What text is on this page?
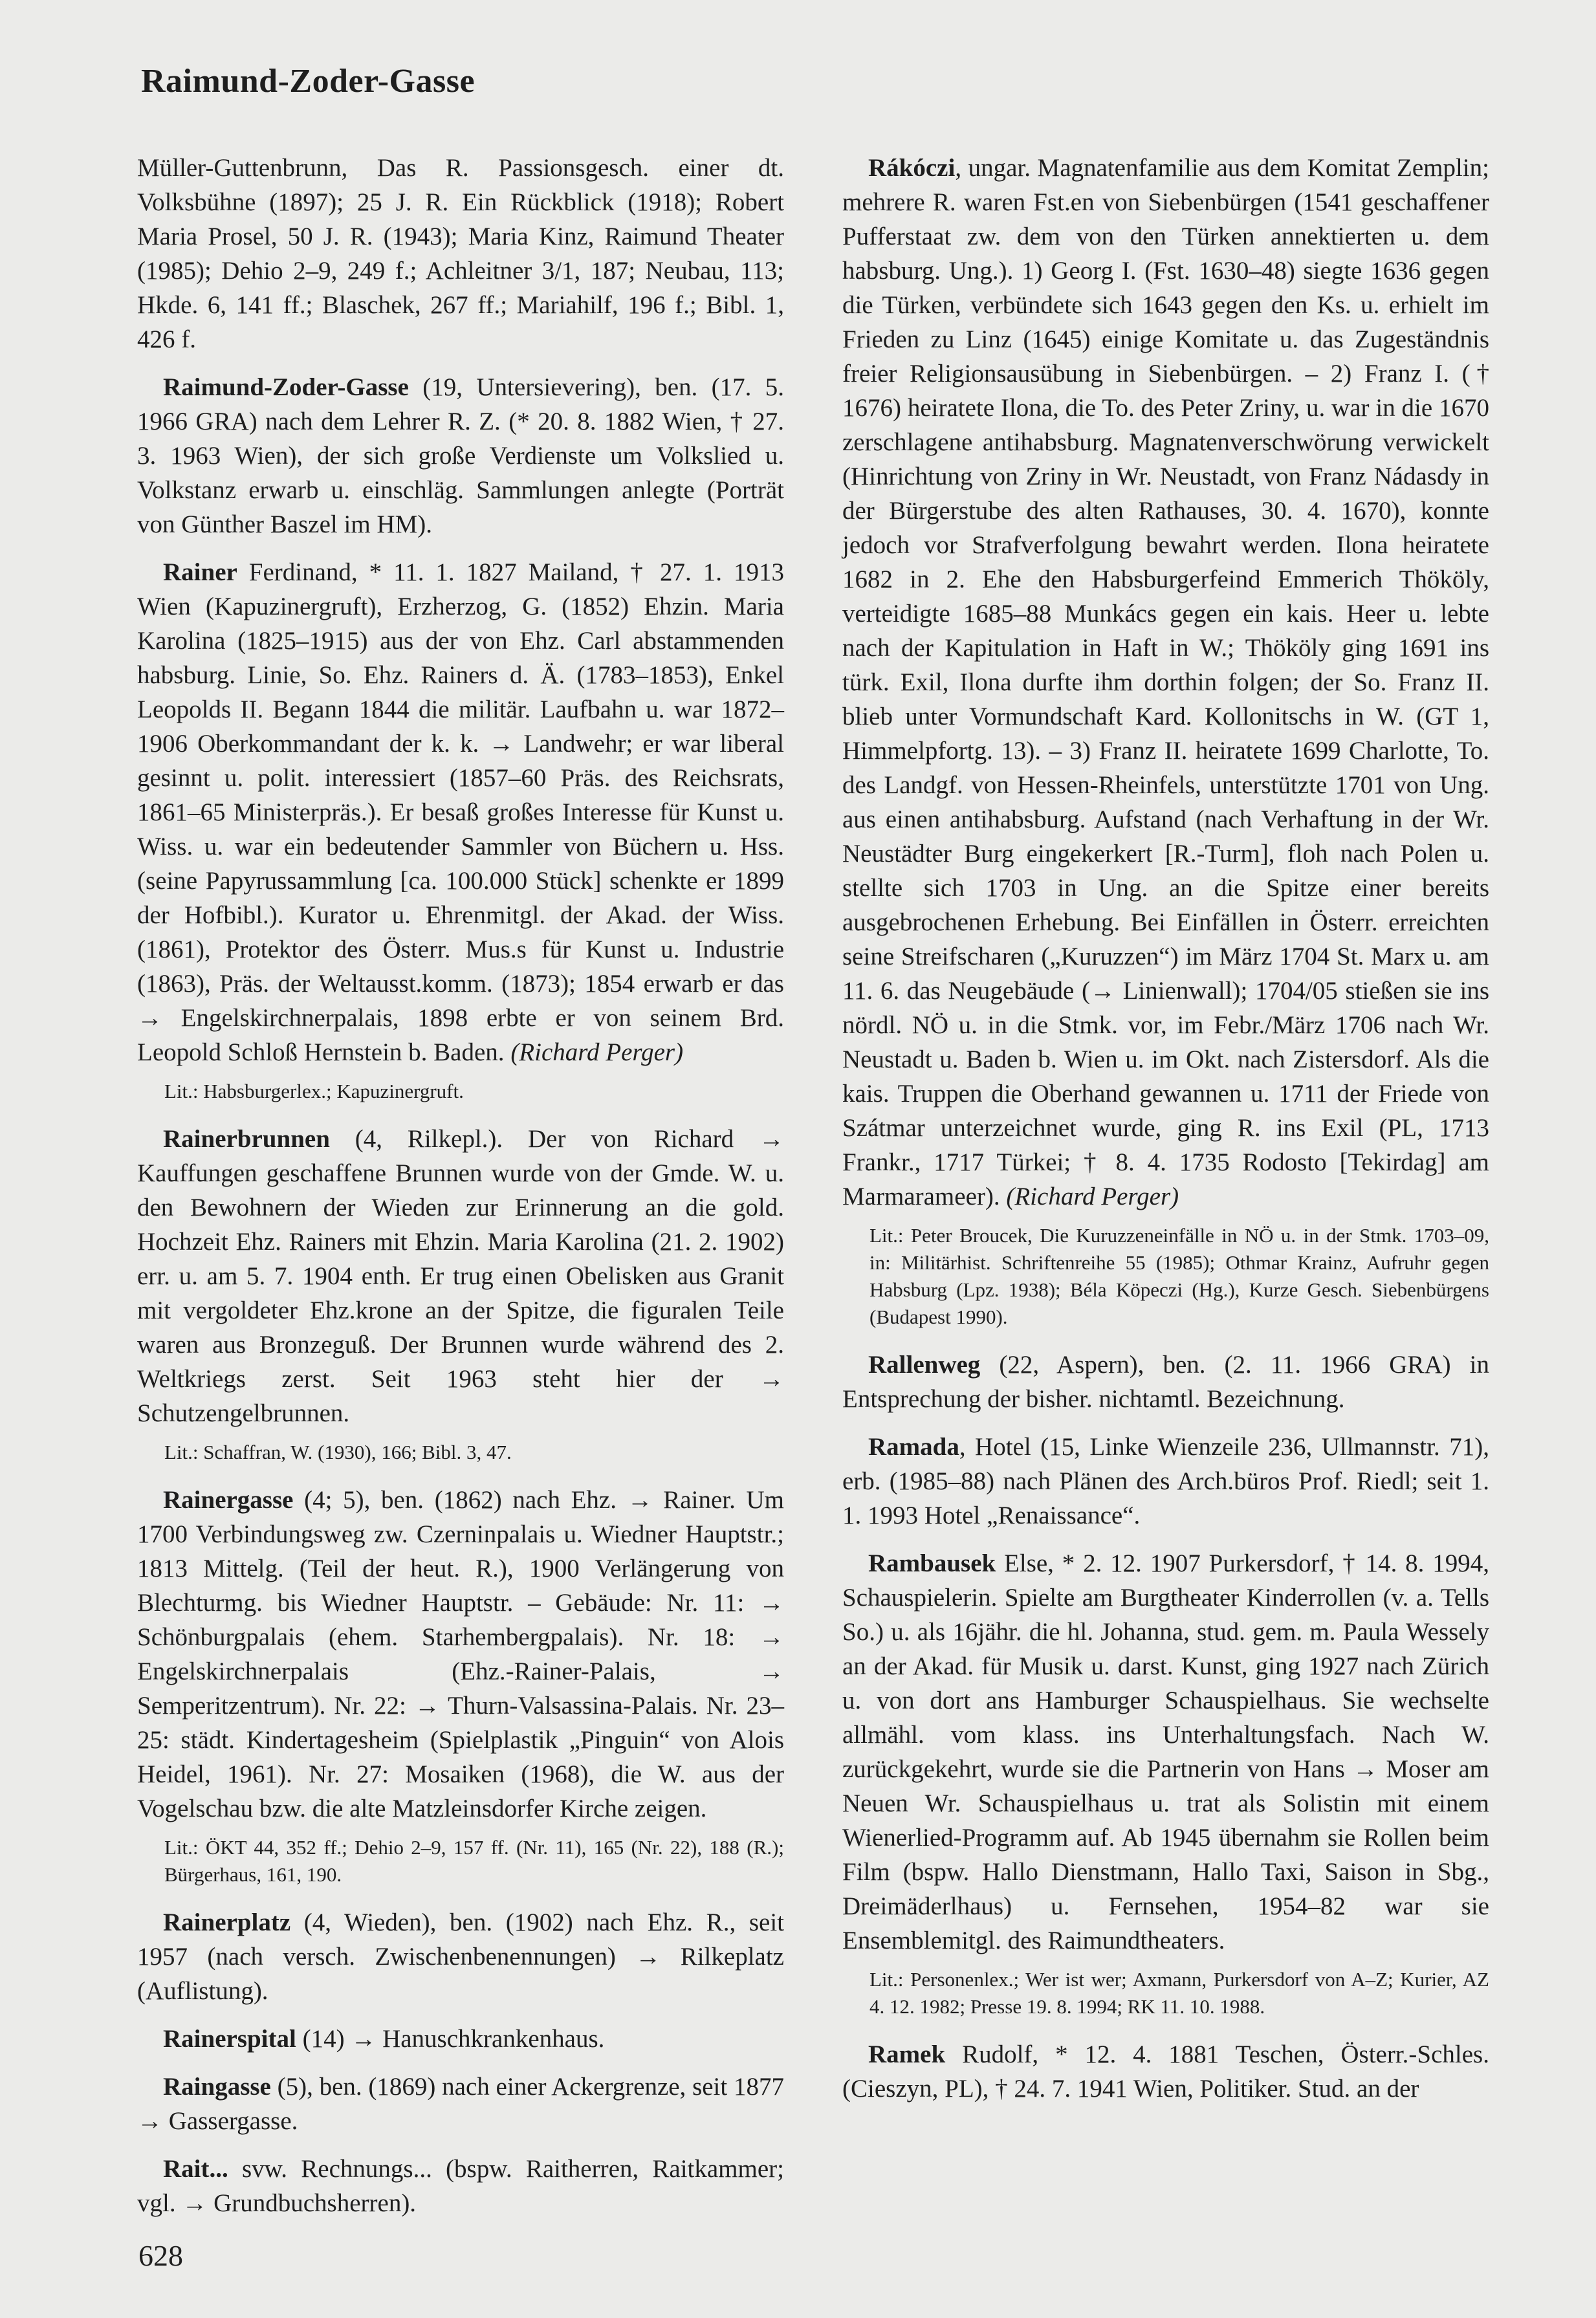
Raimund-Zoder-Gasse

Müller-Guttenbrunn, Das R. Passionsgesch. einer dt. Volksbühne (1897); 25 J. R. Ein Rückblick (1918); Robert Maria Prosel, 50 J. R. (1943); Maria Kinz, Raimund Theater (1985); Dehio 2–9, 249 f.; Achleitner 3/1, 187; Neubau, 113; Hkde. 6, 141 ff.; Blaschek, 267 ff.; Mariahilf, 196 f.; Bibl. 1, 426 f.

Raimund-Zoder-Gasse (19, Untersievering), ben. (17. 5. 1966 GRA) nach dem Lehrer R. Z. (* 20. 8. 1882 Wien, † 27. 3. 1963 Wien), der sich große Verdienste um Volkslied u. Volkstanz erwarb u. einschläg. Sammlungen anlegte (Porträt von Günther Baszel im HM).

Rainer Ferdinand, * 11. 1. 1827 Mailand, † 27. 1. 1913 Wien (Kapuzinergruft), Erzherzog, G. (1852) Ehzin. Maria Karolina (1825–1915) aus der von Ehz. Carl abstammenden habsburg. Linie, So. Ehz. Rainers d. Ä. (1783–1853), Enkel Leopolds II. Begann 1844 die militär. Laufbahn u. war 1872–1906 Oberkommandant der k. k. → Landwehr; er war liberal gesinnt u. polit. interessiert (1857–60 Präs. des Reichsrats, 1861–65 Ministerpräs.). Er besaß großes Interesse für Kunst u. Wiss. u. war ein bedeutender Sammler von Büchern u. Hss. (seine Papyrussammlung [ca. 100.000 Stück] schenkte er 1899 der Hofbibl.). Kurator u. Ehrenmitgl. der Akad. der Wiss. (1861), Protektor des Österr. Mus.s für Kunst u. Industrie (1863), Präs. der Weltausst.komm. (1873); 1854 erwarb er das → Engelskirchnerpalais, 1898 erbte er von seinem Brd. Leopold Schloß Hernstein b. Baden. (Richard Perger)

Lit.: Habsburgerlex.; Kapuzinergruft.

Rainerbrunnen (4, Rilkepl.). Der von Richard → Kauffungen geschaffene Brunnen wurde von der Gmde. W. u. den Bewohnern der Wieden zur Erinnerung an die gold. Hochzeit Ehz. Rainers mit Ehzin. Maria Karolina (21. 2. 1902) err. u. am 5. 7. 1904 enth. Er trug einen Obelisken aus Granit mit vergoldeter Ehz.krone an der Spitze, die figuralen Teile waren aus Bronzeguß. Der Brunnen wurde während des 2. Weltkriegs zerst. Seit 1963 steht hier der → Schutzengelbrunnen.

Lit.: Schaffran, W. (1930), 166; Bibl. 3, 47.

Rainergasse (4; 5), ben. (1862) nach Ehz. → Rainer. Um 1700 Verbindungsweg zw. Czerninpalais u. Wiedner Hauptstr.; 1813 Mittelg. (Teil der heut. R.), 1900 Verlängerung von Blechturmg. bis Wiedner Hauptstr. – Gebäude: Nr. 11: → Schönburgpalais (ehem. Starhembergpalais). Nr. 18: → Engelskirchnerpalais (Ehz.-Rainer-Palais, → Semperitzentrum). Nr. 22: → Thurn-Valsassina-Palais. Nr. 23–25: städt. Kindertagesheim (Spielplastik „Pinguin“ von Alois Heidel, 1961). Nr. 27: Mosaiken (1968), die W. aus der Vogelschau bzw. die alte Matzleinsdorfer Kirche zeigen.

Lit.: ÖKT 44, 352 ff.; Dehio 2–9, 157 ff. (Nr. 11), 165 (Nr. 22), 188 (R.); Bürgerhaus, 161, 190.

Rainerplatz (4, Wieden), ben. (1902) nach Ehz. R., seit 1957 (nach versch. Zwischenbenennungen) → Rilkeplatz (Auflistung).

Rainerspital (14) → Hanuschkrankenhaus.

Raingasse (5), ben. (1869) nach einer Ackergrenze, seit 1877 → Gassergasse.

Rait... svw. Rechnungs... (bspw. Raitherren, Raitkammer; vgl. → Grundbuchsherren).

Rákóczi, ungar. Magnatenfamilie aus dem Komitat Zemplin; mehrere R. waren Fst.en von Siebenbürgen (1541 geschaffener Pufferstaat zw. dem von den Türken annektierten u. dem habsburg. Ung.). 1) Georg I. (Fst. 1630–48) siegte 1636 gegen die Türken, verbündete sich 1643 gegen den Ks. u. erhielt im Frieden zu Linz (1645) einige Komitate u. das Zugeständnis freier Religionsausübung in Siebenbürgen. – 2) Franz I. († 1676) heiratete Ilona, die To. des Peter Zriny, u. war in die 1670 zerschlagene antihabsburg. Magnatenverschwörung verwickelt (Hinrichtung von Zriny in Wr. Neustadt, von Franz Nádasdy in der Bürgerstube des alten Rathauses, 30. 4. 1670), konnte jedoch vor Strafverfolgung bewahrt werden. Ilona heiratete 1682 in 2. Ehe den Habsburgerfeind Emmerich Thököly, verteidigte 1685–88 Munkács gegen ein kais. Heer u. lebte nach der Kapitulation in Haft in W.; Thököly ging 1691 ins türk. Exil, Ilona durfte ihm dorthin folgen; der So. Franz II. blieb unter Vormundschaft Kard. Kollonitschs in W. (GT 1, Himmelpfortg. 13). – 3) Franz II. heiratete 1699 Charlotte, To. des Landgf. von Hessen-Rheinfels, unterstützte 1701 von Ung. aus einen antihabsburg. Aufstand (nach Verhaftung in der Wr. Neustädter Burg eingekerkert [R.-Turm], floh nach Polen u. stellte sich 1703 in Ung. an die Spitze einer bereits ausgebrochenen Erhebung. Bei Einfällen in Österr. erreichten seine Streifscharen („Kuruzzen“) im März 1704 St. Marx u. am 11. 6. das Neugebäude (→ Linienwall); 1704/05 stießen sie ins nördl. NÖ u. in die Stmk. vor, im Febr./März 1706 nach Wr. Neustadt u. Baden b. Wien u. im Okt. nach Zistersdorf. Als die kais. Truppen die Oberhand gewannen u. 1711 der Friede von Szátmar unterzeichnet wurde, ging R. ins Exil (PL, 1713 Frankr., 1717 Türkei; † 8. 4. 1735 Rodosto [Tekirdag] am Marmarameer). (Richard Perger)

Lit.: Peter Broucek, Die Kuruzzeneinfälle in NÖ u. in der Stmk. 1703–09, in: Militärhist. Schriftenreihe 55 (1985); Othmar Krainz, Aufruhr gegen Habsburg (Lpz. 1938); Béla Köpeczi (Hg.), Kurze Gesch. Siebenbürgens (Budapest 1990).

Rallenweg (22, Aspern), ben. (2. 11. 1966 GRA) in Entsprechung der bisher. nichtamtl. Bezeichnung.

Ramada, Hotel (15, Linke Wienzeile 236, Ullmannstr. 71), erb. (1985–88) nach Plänen des Arch.büros Prof. Riedl; seit 1. 1. 1993 Hotel „Renaissance“.

Rambausek Else, * 2. 12. 1907 Purkersdorf, † 14. 8. 1994, Schauspielerin. Spielte am Burgtheater Kinderrollen (v. a. Tells So.) u. als 16jähr. die hl. Johanna, stud. gem. m. Paula Wessely an der Akad. für Musik u. darst. Kunst, ging 1927 nach Zürich u. von dort ans Hamburger Schauspielhaus. Sie wechselte allmähl. vom klass. ins Unterhaltungsfach. Nach W. zurückgekehrt, wurde sie die Partnerin von Hans → Moser am Neuen Wr. Schauspielhaus u. trat als Solistin mit einem Wienerlied-Programm auf. Ab 1945 übernahm sie Rollen beim Film (bspw. Hallo Dienstmann, Hallo Taxi, Saison in Sbg., Dreimäderlhaus) u. Fernsehen, 1954–82 war sie Ensemblemitgl. des Raimundtheaters.

Lit.: Personenlex.; Wer ist wer; Axmann, Purkersdorf von A–Z; Kurier, AZ 4. 12. 1982; Presse 19. 8. 1994; RK 11. 10. 1988.

Ramek Rudolf, * 12. 4. 1881 Teschen, Österr.-Schles. (Cieszyn, PL), † 24. 7. 1941 Wien, Politiker. Stud. an der

628
